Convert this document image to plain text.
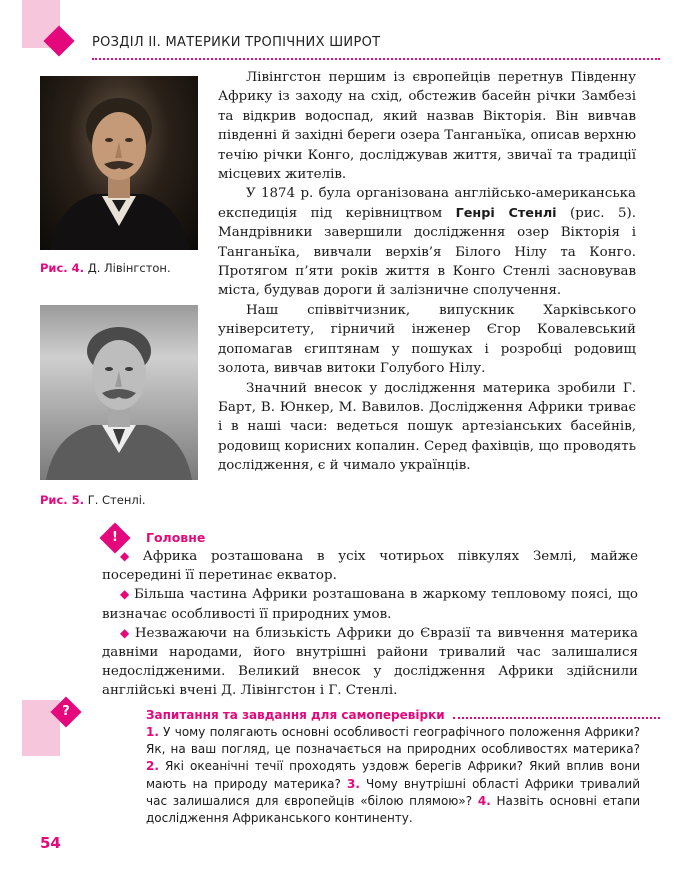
РОЗДІЛ ІІ. МАТЕРИКИ ТРОПІЧНИХ ШИРОТ
Рис. 4. Д. Лівінгстон.
Рис. 5. Г. Стенлі.

Лівінгстон першим із європейців перетнув Південну Африку із заходу на схід, обстежив басейн річки Замбезі та відкрив водоспад, який назвав Вікторія. Він вивчав південні й західні береги озера Танганьїка, описав верхню течію річки Конго, досліджував життя, звичаї та традиції місцевих жителів.

У 1874 р. була організована англійсько-американська експедиція під керівництвом Генрі Стенлі (рис. 5). Мандрівники завершили дослідження озер Вікторія і Танганьїка, вивчали верхів’я Білого Нілу та Конго. Протягом п’яти років життя в Конго Стенлі засновував міста, будував дороги й залізничне сполучення.

Наш співвітчизник, випускник Харківського університету, гірничий інженер Єгор Ковалевський допомагав єгиптянам у пошуках і розробці родовищ золота, вивчав витоки Голубого Нілу.

Значний внесок у дослідження материка зробили Г. Барт, В. Юнкер, М. Вавилов. Дослідження Африки триває і в наші часи: ведеться пошук артезіанських басейнів, родовищ корисних копалин. Серед фахівців, що проводять дослідження, є й чимало українців.

!	Головне

◆ Африка розташована в усіх чотирьох півкулях Землі, майже посередині її перетинає екватор.

◆ Більша частина Африки розташована в жаркому тепловому поясі, що визначає особливості її природних умов.

◆ Незважаючи на близькість Африки до Євразії та вивчення материка давніми народами, його внутрішні райони тривалий час залишалися недослідженими. Великий внесок у дослідження Африки здійснили англійські вчені Д. Лівінгстон і Г. Стенлі.

?	Запитання та завдання для самоперевірки
1. У чому полягають основні особливості географічного положення Африки? Як, на ваш погляд, це позначається на природних особливостях материка? 2. Які океанічні течії проходять уздовж берегів Африки? Який вплив вони мають на природу материка? 3. Чому внутрішні області Африки тривалий час залишалися для європейців «білою плямою»? 4. Назвіть основні етапи дослідження Африканського континенту.
54
